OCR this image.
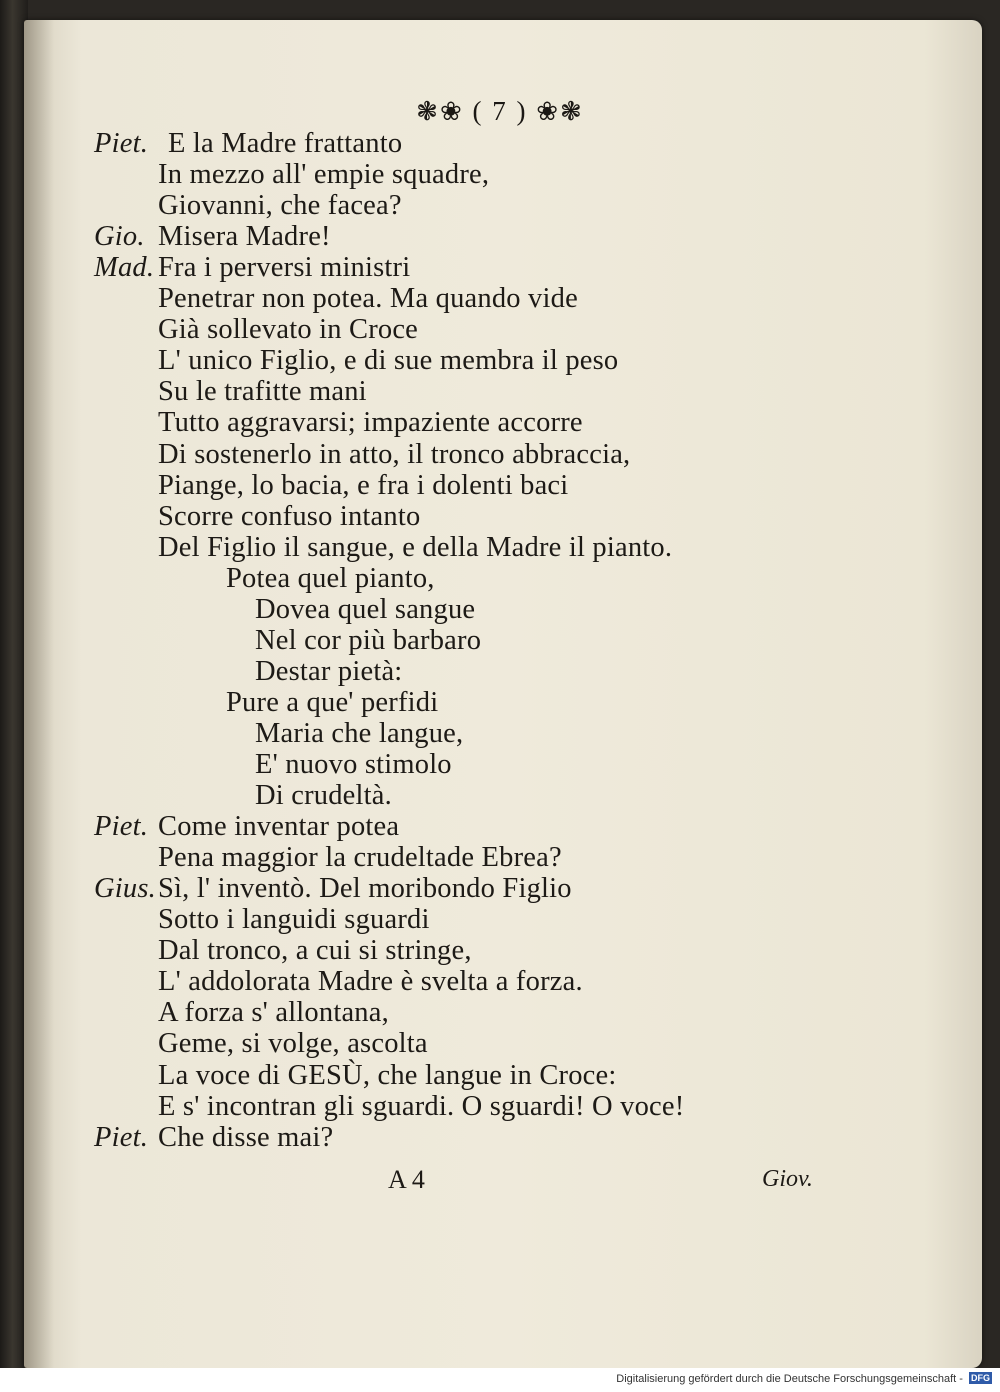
❃❀ ( 7 ) ❀❃
Piet. E la Madre frattanto
In mezzo all' empie squadre,
Giovanni, che facea?
Gio. Misera Madre!
Mad. Fra i perversi ministri
Penetrar non potea. Ma quando vide
Già sollevato in Croce
L' unico Figlio, e di sue membra il peso
Su le trafitte mani
Tutto aggravarsi; impaziente accorre
Di sostenerlo in atto, il tronco abbraccia,
Piange, lo bacia, e fra i dolenti baci
Scorre confuso intanto
Del Figlio il sangue, e della Madre il pianto.
Potea quel pianto,
Dovea quel sangue
Nel cor più barbaro
Destar pietà:
Pure a que' perfidi
Maria che langue,
E' nuovo stimolo
Di crudeltà.
Piet. Come inventar potea
Pena maggior la crudeltade Ebrea?
Gius. Sì, l' inventò. Del moribondo Figlio
Sotto i languidi sguardi
Dal tronco, a cui si stringe,
L' addolorata Madre è svelta a forza.
A forza s' allontana,
Geme, si volge, ascolta
La voce di GESÙ, che langue in Croce:
E s' incontran gli sguardi. O sguardi! O voce!
Piet. Che disse mai?
A 4	Giov.
Digitalisierung gefördert durch die Deutsche Forschungsgemeinschaft - DFG
